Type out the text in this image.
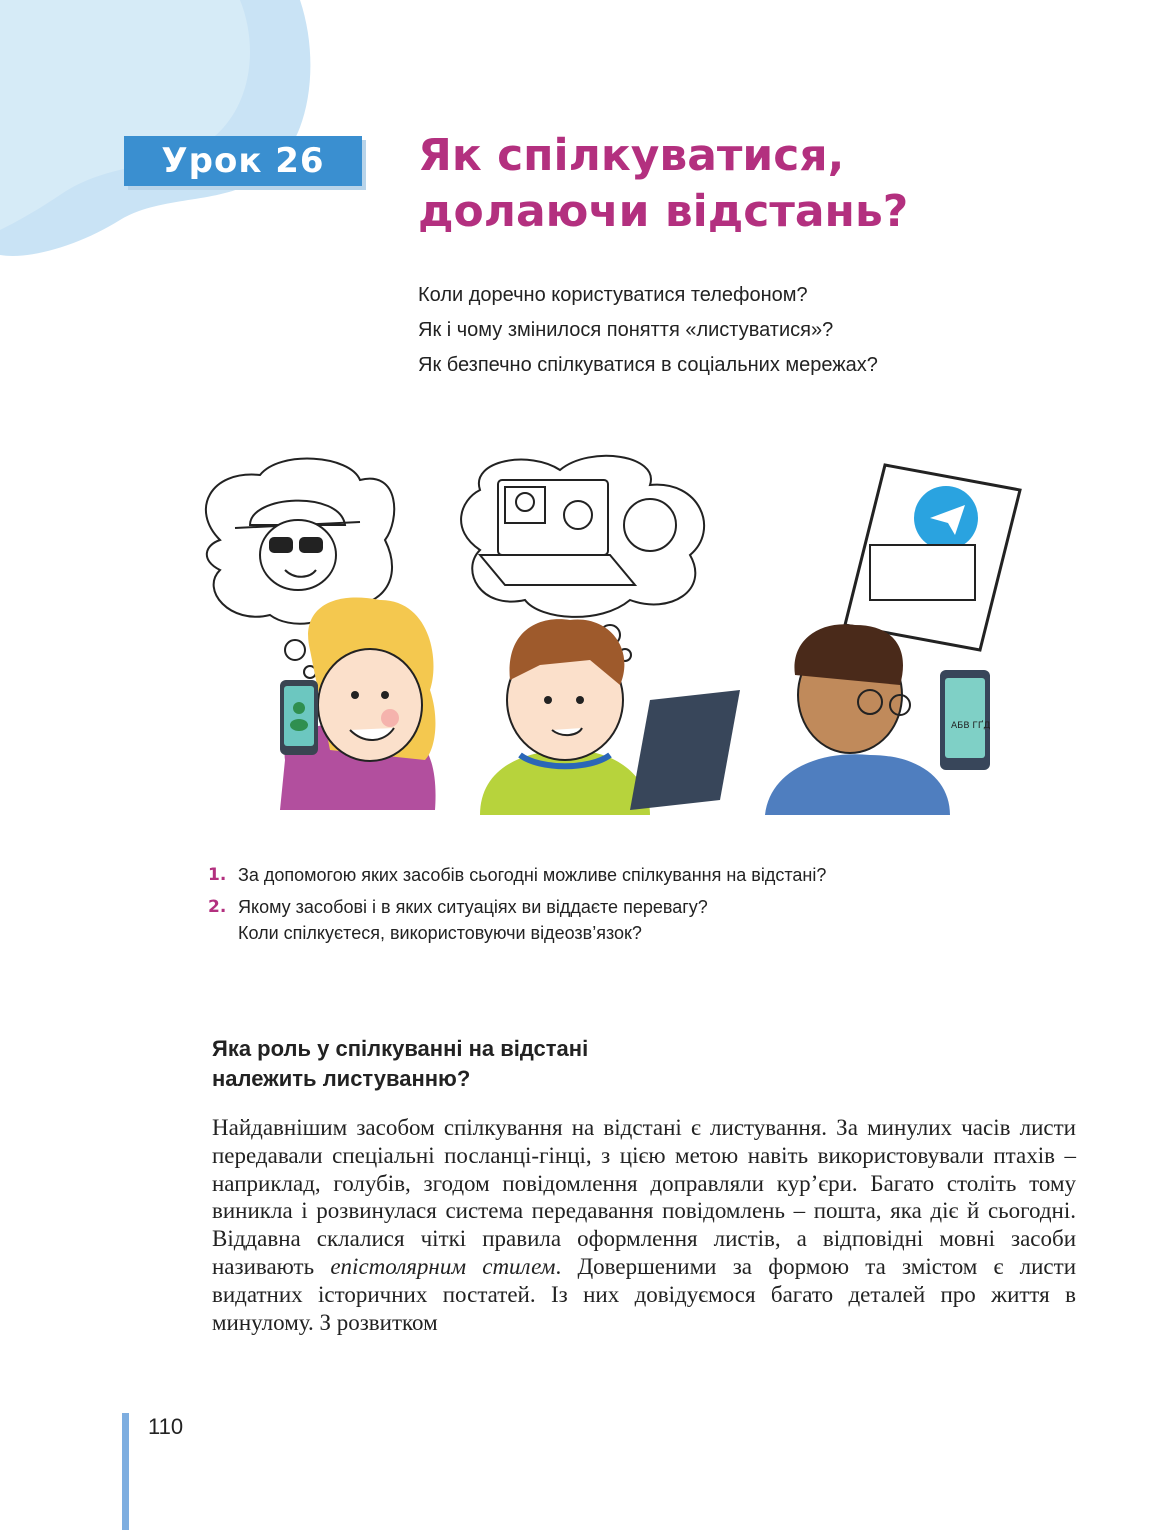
Урок 26 Як спілкуватися,
долаючи відстань?
Коли доречно користуватися телефоном?
Як і чому змінилося поняття «листуватися»?
Як безпечно спілкуватися в соціальних мережах?
АБВ ГҐД
1. За допомогою яких засобів сьогодні можливе спілкування на відстані?
2. Якому засобові і в яких ситуаціях ви віддаєте перевагу?
Коли спілкуєтеся, використовуючи відеозв’язок?
Яка роль у спілкуванні на відстані
належить листуванню?
Найдавнішим засобом спілкування на відстані є листування. За минулих часів листи передавали спеціальні посланці-гінці, з цією метою навіть використовували птахів – наприклад, голубів, згодом повідомлення доправляли кур’єри. Багато століть тому виникла і розвинулася система передавання повідомлень – пошта, яка діє й сьогодні. Віддавна склалися чіткі правила оформлення листів, а відповідні мовні засоби називають епістолярним стилем. Довершеними за формою та змістом є листи видатних історичних постатей. Із них довідуємося багато деталей про життя в минулому. З розвитком
110
